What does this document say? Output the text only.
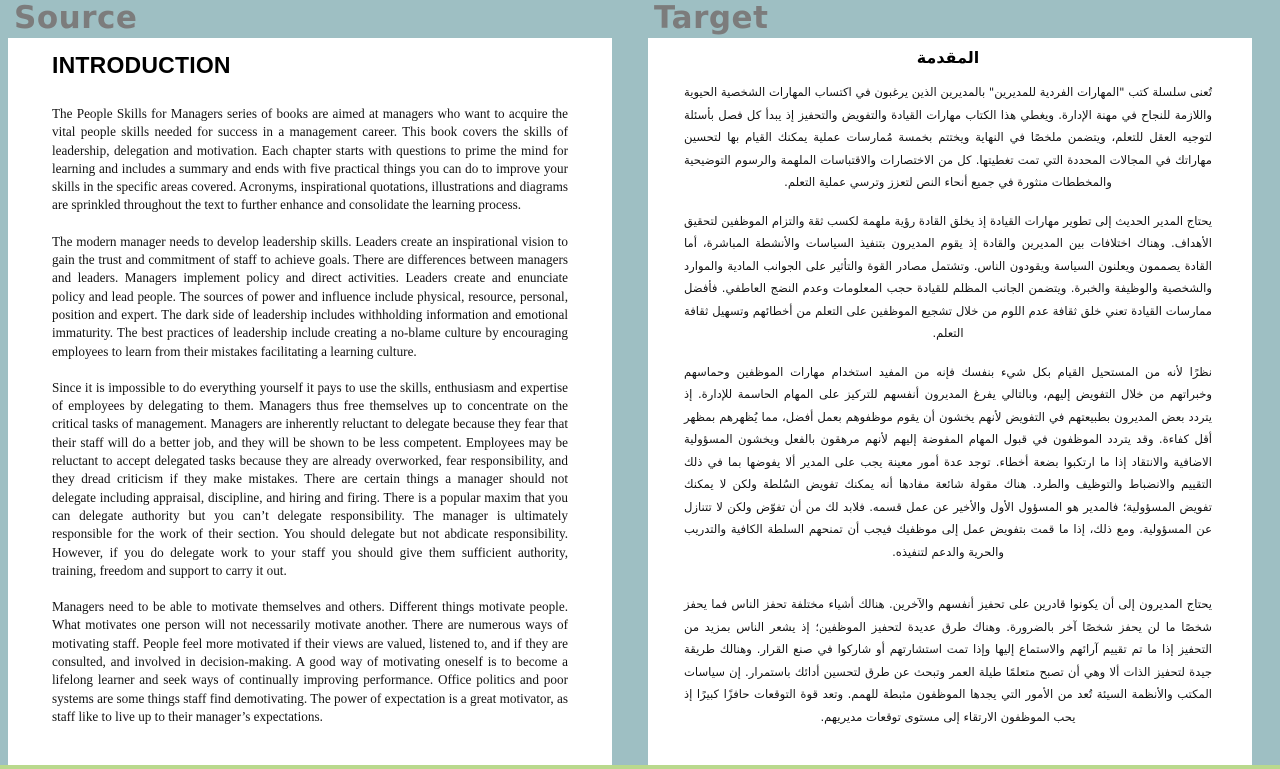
Source	Target
INTRODUCTION

The People Skills for Managers series of books are aimed at managers who want to acquire the vital people skills needed for success in a management career. This book covers the skills of leadership, delegation and motivation. Each chapter starts with questions to prime the mind for learning and includes a summary and ends with five practical things you can do to improve your skills in the specific areas covered. Acronyms, inspirational quotations, illustrations and diagrams are sprinkled throughout the text to further enhance and consolidate the learning process.

The modern manager needs to develop leadership skills. Leaders create an inspirational vision to gain the trust and commitment of staff to achieve goals. There are differences between managers and leaders. Managers implement policy and direct activities. Leaders create and enunciate policy and lead people. The sources of power and influence include physical, resource, personal, position and expert. The dark side of leadership includes withholding information and emotional immaturity. The best practices of leadership include creating a no-blame culture by encouraging employees to learn from their mistakes facilitating a learning culture.

Since it is impossible to do everything yourself it pays to use the skills, enthusiasm and expertise of employees by delegating to them. Managers thus free themselves up to concentrate on the critical tasks of management. Managers are inherently reluctant to delegate because they fear that their staff will do a better job, and they will be shown to be less competent. Employees may be reluctant to accept delegated tasks because they are already overworked, fear responsibility, and they dread criticism if they make mistakes. There are certain things a manager should not delegate including appraisal, discipline, and hiring and firing. There is a popular maxim that you can delegate authority but you can’t delegate responsibility. The manager is ultimately responsible for the work of their section. You should delegate but not abdicate responsibility. However, if you do delegate work to your staff you should give them sufficient authority, training, freedom and support to carry it out.

Managers need to be able to motivate themselves and others. Different things motivate people. What motivates one person will not necessarily motivate another. There are numerous ways of motivating staff. People feel more motivated if their views are valued, listened to, and if they are consulted, and involved in decision-making. A good way of motivating oneself is to become a lifelong learner and seek ways of continually improving performance. Office politics and poor systems are some things staff find demotivating. The power of expectation is a great motivator, as staff like to live up to their manager’s expectations.

المقدمة

تُعنى سلسلة كتب "المهارات الفردية للمديرين" بالمديرين الذين يرغبون في اكتساب المهارات الشخصية الحيوية واللازمة للنجاح في مهنة الإدارة. ويغطي هذا الكتاب مهارات القيادة والتفويض والتحفيز إذ يبدأ كل فصل بأسئلة لتوجيه العقل للتعلم، ويتضمن ملخصًا في النهاية ويختتم بخمسة مُمارسات عملية يمكنك القيام بها لتحسين مهاراتك في المجالات المحددة التي تمت تغطيتها. كل من الاختصارات والاقتباسات الملهمة والرسوم التوضيحية والمخططات منثورة في جميع أنحاء النص لتعزز وترسي عملية التعلم.

يحتاج المدير الحديث إلى تطوير مهارات القيادة إذ يخلق القادة رؤية ملهمة لكسب ثقة والتزام الموظفين لتحقيق الأهداف. وهناك اختلافات بين المديرين والقادة إذ يقوم المديرون بتنفيذ السياسات والأنشطة المباشرة، أما القادة يصممون ويعلنون السياسة ويقودون الناس. وتشتمل مصادر القوة والتأثير على الجوانب المادية والموارد والشخصية والوظيفة والخبرة. ويتضمن الجانب المظلم للقيادة حجب المعلومات وعدم النضج العاطفي. فأفضل ممارسات القيادة تعني خلق ثقافة عدم اللوم من خلال تشجيع الموظفين على التعلم من أخطائهم وتسهيل ثقافة التعلم.

نظرًا لأنه من المستحيل القيام بكل شيء بنفسك فإنه من المفيد استخدام مهارات الموظفين وحماسهم وخبراتهم من خلال التفويض إليهم، وبالتالي يفرغ المديرون أنفسهم للتركيز على المهام الحاسمة للإدارة. إذ يتردد بعض المديرون بطبيعتهم في التفويض لأنهم يخشون أن يقوم موظفوهم بعمل أفضل، مما يُظهرهم بمظهر أقل كفاءة. وقد يتردد الموظفون في قبول المهام المفوضة إليهم لأنهم مرهقون بالفعل ويخشون المسؤولية الاضافية والانتقاد إذا ما ارتكبوا بضعة أخطاء. توجد عدة أمور معينة يجب على المدير ألا يفوضها بما في ذلك التقييم والانضباط والتوظيف والطرد. هناك مقولة شائعة مفادها أنه يمكنك تفويض السُلطة ولكن لا يمكنك تفويض المسؤولية؛ فالمدير هو المسؤول الأول والأخير عن عمل قسمه. فلابد لك من أن تفوّض ولكن لا تتنازل عن المسؤولية. ومع ذلك، إذا ما قمت بتفويض عمل إلى موظفيك فيجب أن تمنحهم السلطة الكافية والتدريب والحرية والدعم لتنفيذه.

يحتاج المديرون إلى أن يكونوا قادرين على تحفيز أنفسهم والآخرين. هنالك أشياء مختلفة تحفز الناس فما يحفز شخصًا ما لن يحفز شخصًا آخر بالضرورة. وهناك طرق عديدة لتحفيز الموظفين؛ إذ يشعر الناس بمزيد من التحفيز إذا ما تم تقييم آرائهم والاستماع إليها وإذا تمت استشارتهم أو شاركوا في صنع القرار. وهنالك طريقة جيدة لتحفيز الذات ألا وهي أن تصبح متعلمًا طيلة العمر وتبحث عن طرق لتحسين أدائك باستمرار. إن سياسات المكتب والأنظمة السيئة تُعد من الأمور التي يجدها الموظفون مثبطة للهمم. وتعد قوة التوقعات حافزًا كبيرًا إذ يحب الموظفون الارتقاء إلى مستوى توقعات مديريهم.
